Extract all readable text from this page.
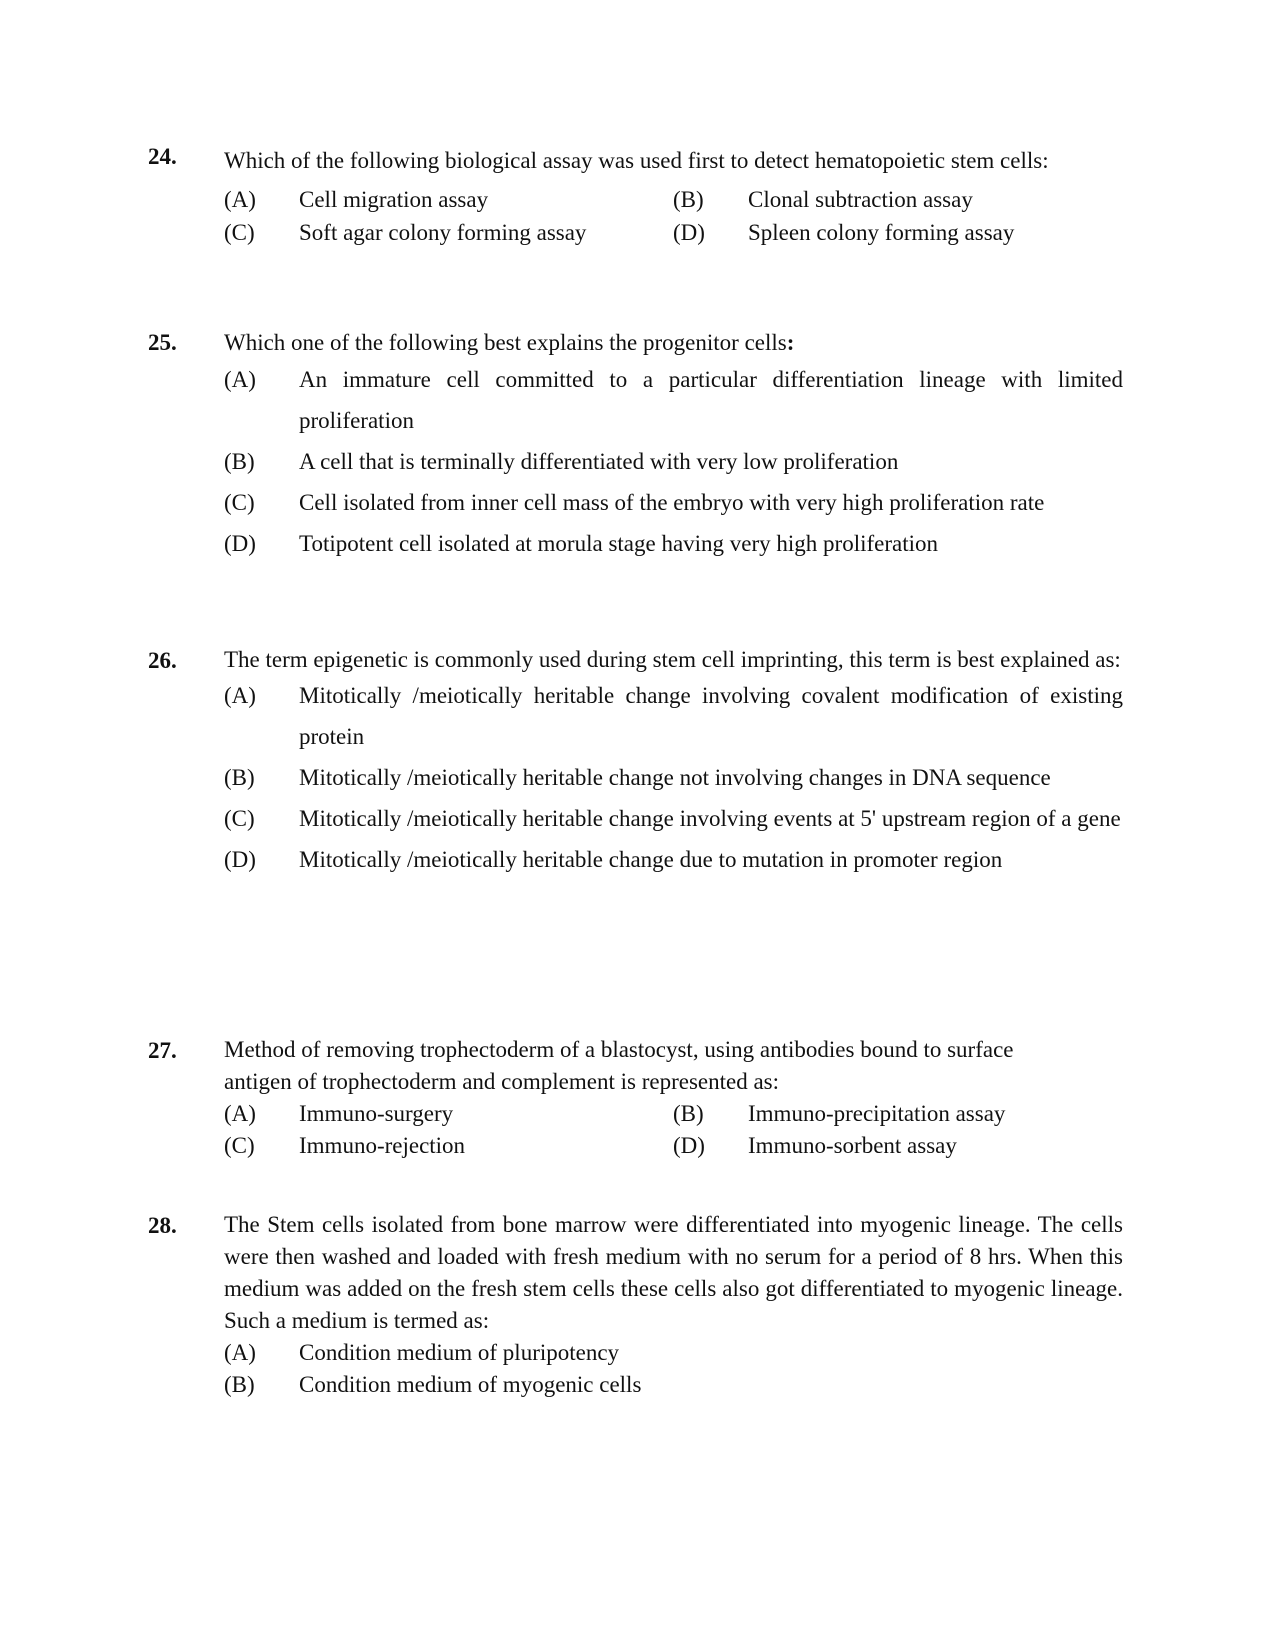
24. Which of the following biological assay was used first to detect hematopoietic stem cells:
(A)	Cell migration assay	(B)	Clonal subtraction assay
(C)	Soft agar colony forming assay	(D)	Spleen colony forming assay
25. Which one of the following best explains the progenitor cells:
(A)	An immature cell committed to a particular differentiation lineage with limited proliferation
(B)	A cell that is terminally differentiated with very low proliferation
(C)	Cell isolated from inner cell mass of the embryo with very high proliferation rate
(D)	Totipotent cell isolated at morula stage having very high proliferation
26. The term epigenetic is commonly used during stem cell imprinting, this term is best explained as:
(A)	Mitotically /meiotically heritable change involving covalent modification of existing protein
(B)	Mitotically /meiotically heritable change not involving changes in DNA sequence
(C)	Mitotically /meiotically heritable change involving events at 5' upstream region of a gene
(D)	Mitotically /meiotically heritable change due to mutation in promoter region
27. Method of removing trophectoderm of a blastocyst, using antibodies bound to surface antigen of trophectoderm and complement is represented as:
(A)	Immuno-surgery	(B)	Immuno-precipitation assay
(C)	Immuno-rejection	(D)	Immuno-sorbent assay
28. The Stem cells isolated from bone marrow were differentiated into myogenic lineage. The cells were then washed and loaded with fresh medium with no serum for a period of 8 hrs. When this medium was added on the fresh stem cells these cells also got differentiated to myogenic lineage. Such a medium is termed as:
(A)	Condition medium of pluripotency
(B)	Condition medium of myogenic cells
